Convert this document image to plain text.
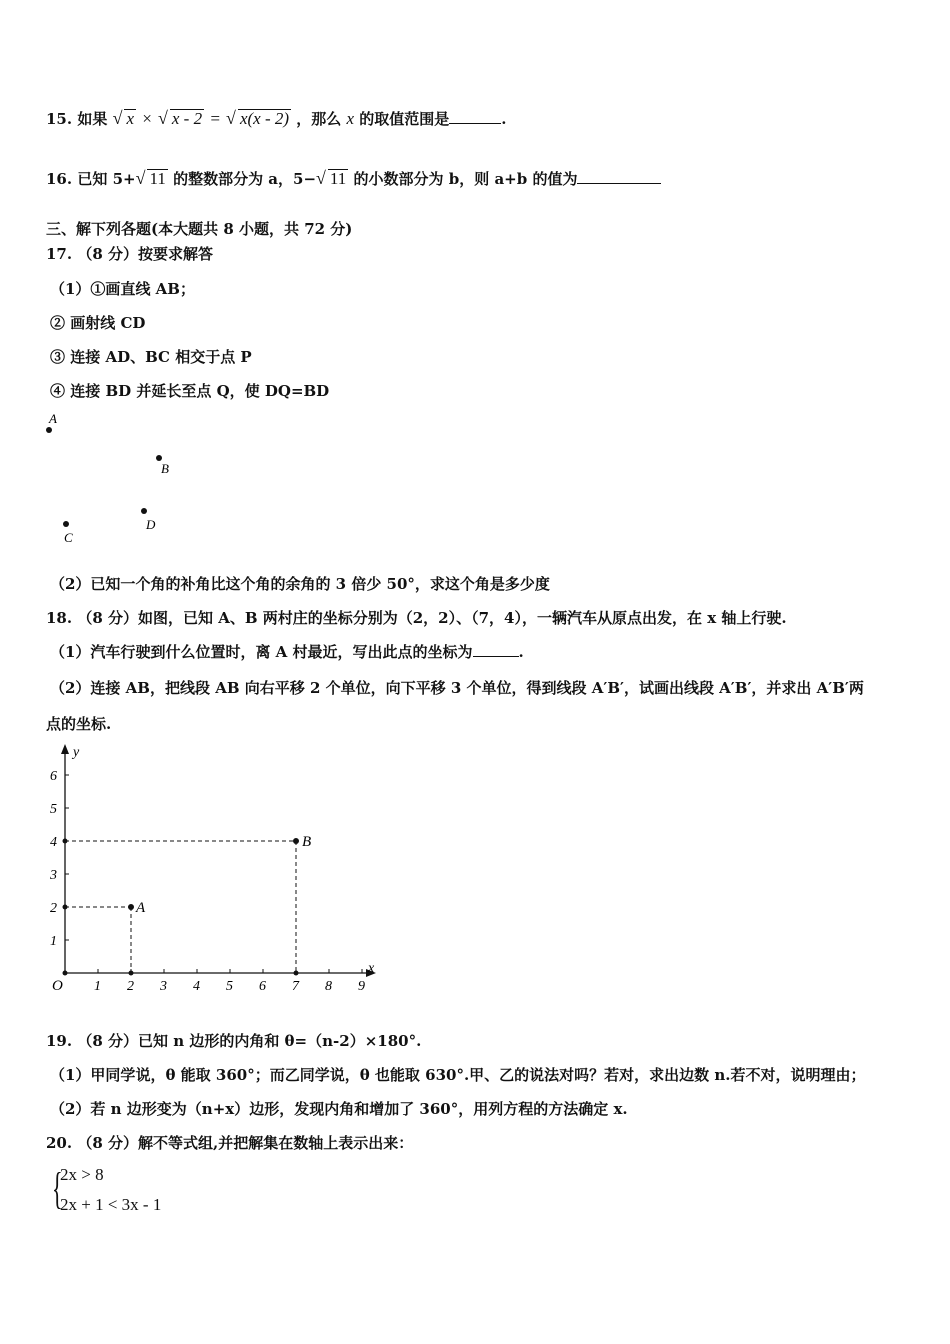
15. 如果 √ x × √ x - 2 = √ x(x - 2) ，那么 x 的取值范围是	.
16. 已知 5+√ 11 的整数部分为 a，5−√ 11 的小数部分为 b，则 a+b 的值为
三、解下列各题(本大题共 8 小题，共 72 分)
17. （8 分）按要求解答
（1）①画直线 AB；
② 画射线 CD
③ 连接 AD、BC 相交于点 P
④ 连接 BD 并延长至点 Q，使 DQ=BD
A
B
C
D
（2）已知一个角的补角比这个角的余角的 3 倍少 50°，求这个角是多少度
18. （8 分）如图，已知 A、B 两村庄的坐标分别为（2，2）、（7，4），一辆汽车从原点出发，在 x 轴上行驶.
（1）汽车行驶到什么位置时，离 A 村最近，写出此点的坐标为	.
（2）连接 AB，把线段 AB 向右平移 2 个单位，向下平移 3 个单位，得到线段 A′B′，试画出线段 A′B′，并求出 A′B′两
点的坐标.
y
x
O 1 2 3 4 5 6 7 8 9
1
2
3
4
5
6
A
B
19. （8 分）已知 n 边形的内角和 θ=（n-2）×180°.
（1）甲同学说，θ 能取 360°；而乙同学说，θ 也能取 630°.甲、乙的说法对吗？若对，求出边数 n.若不对，说明理由；
（2）若 n 边形变为（n+x）边形，发现内角和增加了 360°，用列方程的方法确定 x.
20. （8 分）解不等式组,并把解集在数轴上表示出来：
{
2x > 8
2x + 1 < 3x - 1
